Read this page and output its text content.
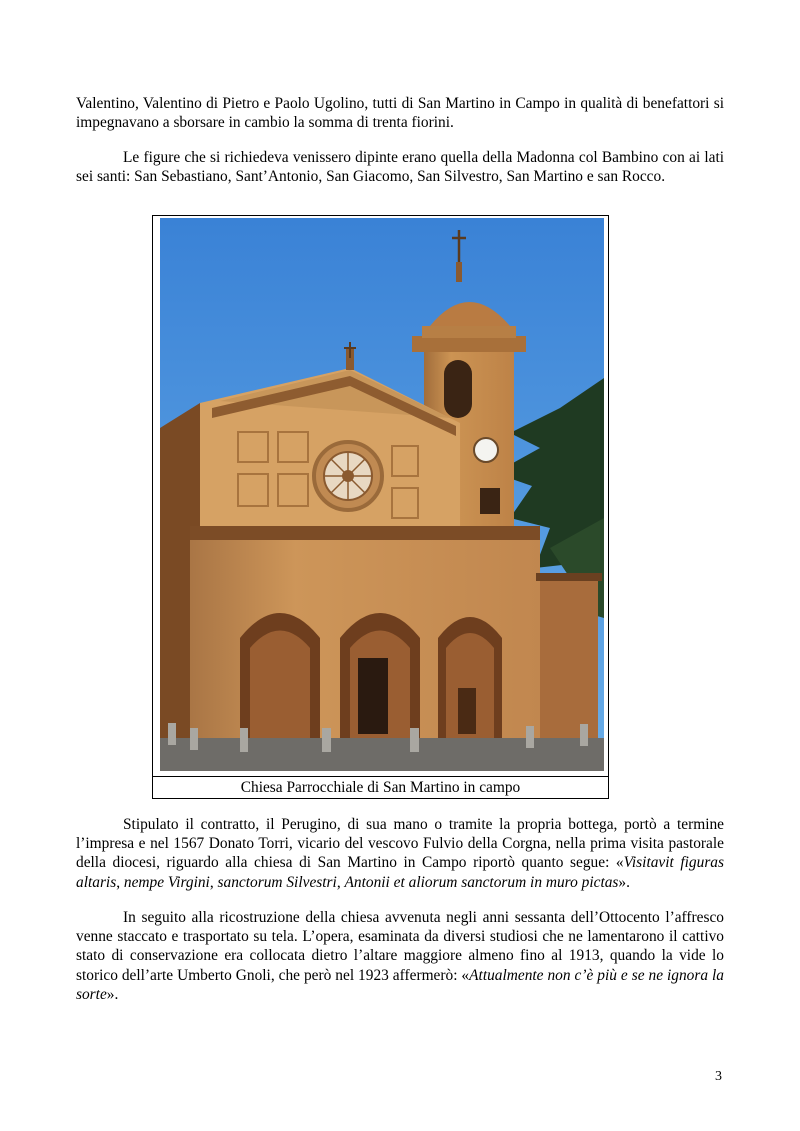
Valentino, Valentino di Pietro e Paolo Ugolino, tutti di San Martino in Campo in qualità di benefattori si impegnavano a sborsare in cambio la somma di trenta fiorini.

Le figure che si richiedeva venissero dipinte erano quella della Madonna col Bambino con ai lati sei santi: San Sebastiano, Sant’Antonio, San Giacomo, San Silvestro, San Martino e san Rocco.

Chiesa Parrocchiale di San Martino in campo

Stipulato il contratto, il Perugino, di sua mano o tramite la propria bottega, portò a termine l’impresa e nel 1567 Donato Torri, vicario del vescovo Fulvio della Corgna, nella prima visita pastorale della diocesi, riguardo alla chiesa di San Martino in Campo riportò quanto segue: «Visitavit figuras altaris, nempe Virgini, sanctorum Silvestri, Antonii et aliorum sanctorum in muro pictas».

In seguito alla ricostruzione della chiesa avvenuta negli anni sessanta dell’Ottocento l’affresco venne staccato e trasportato su tela. L’opera, esaminata da diversi studiosi che ne lamentarono il cattivo stato di conservazione era collocata dietro l’altare maggiore almeno fino al 1913, quando la vide lo storico dell’arte Umberto Gnoli, che però nel 1923 affermerò: «Attualmente non c’è più e se ne ignora la sorte».

3
